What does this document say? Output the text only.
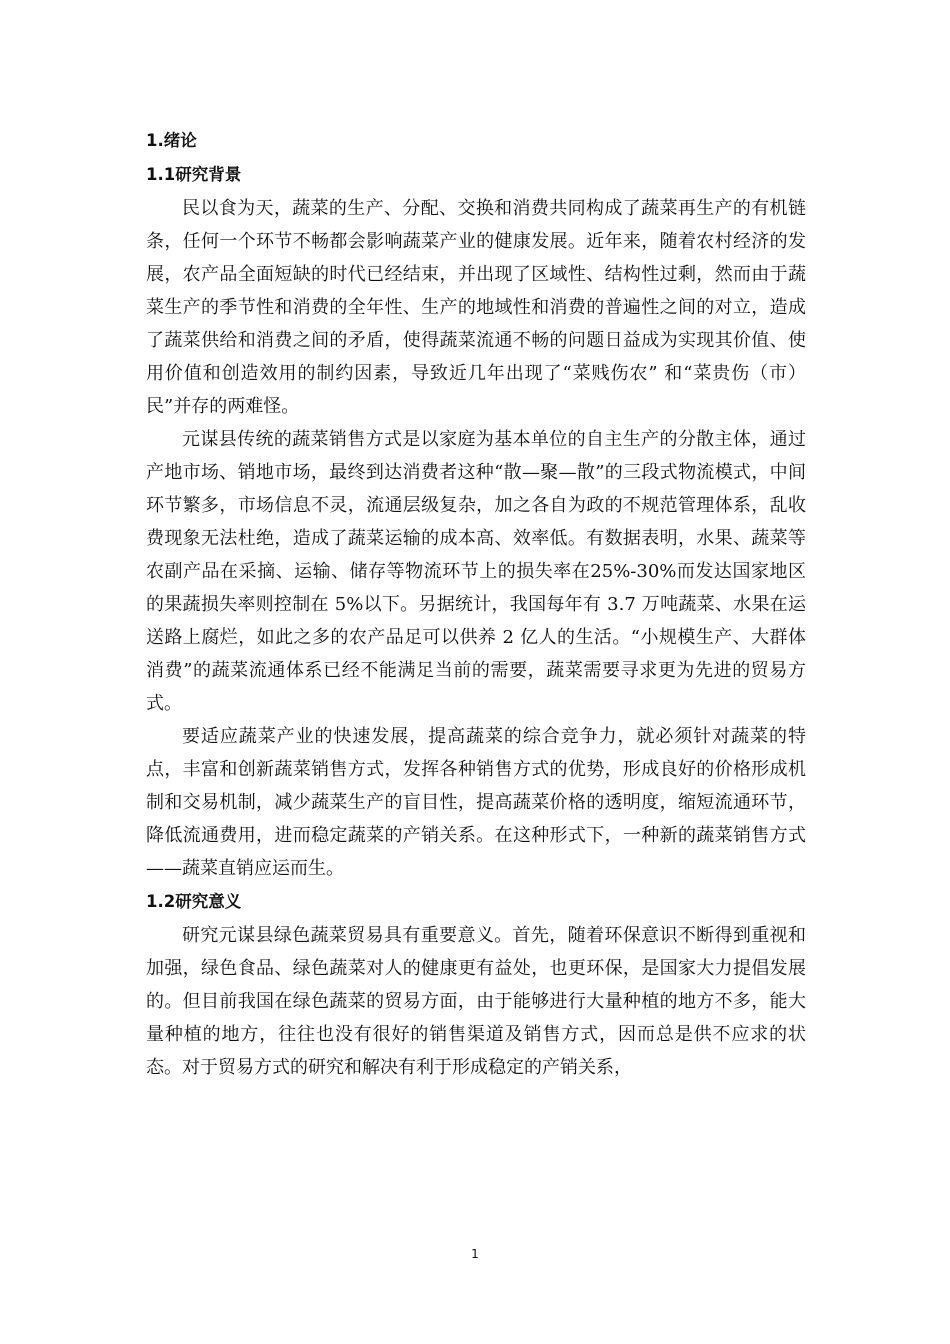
1.绪论
1.1研究背景

民以食为天，蔬菜的生产、分配、交换和消费共同构成了蔬菜再生产的有机链条，任何一个环节不畅都会影响蔬菜产业的健康发展。近年来，随着农村经济的发展，农产品全面短缺的时代已经结束，并出现了区域性、结构性过剩，然而由于蔬菜生产的季节性和消费的全年性、生产的地域性和消费的普遍性之间的对立，造成了蔬菜供给和消费之间的矛盾，使得蔬菜流通不畅的问题日益成为实现其价值、使用价值和创造效用的制约因素，导致近几年出现了“菜贱伤农” 和“菜贵伤（市）民”并存的两难怪。

元谋县传统的蔬菜销售方式是以家庭为基本单位的自主生产的分散主体，通过产地市场、销地市场，最终到达消费者这种“散—聚—散”的三段式物流模式，中间环节繁多，市场信息不灵，流通层级复杂，加之各自为政的不规范管理体系，乱收费现象无法杜绝，造成了蔬菜运输的成本高、效率低。有数据表明，水果、蔬菜等农副产品在采摘、运输、储存等物流环节上的损失率在25%-30%而发达国家地区的果蔬损失率则控制在 5%以下。另据统计，我国每年有 3.7 万吨蔬菜、水果在运送路上腐烂，如此之多的农产品足可以供养 2 亿人的生活。“小规模生产、大群体消费”的蔬菜流通体系已经不能满足当前的需要，蔬菜需要寻求更为先进的贸易方式。

要适应蔬菜产业的快速发展，提高蔬菜的综合竞争力，就必须针对蔬菜的特点，丰富和创新蔬菜销售方式，发挥各种销售方式的优势，形成良好的价格形成机制和交易机制，减少蔬菜生产的盲目性，提高蔬菜价格的透明度，缩短流通环节，降低流通费用，进而稳定蔬菜的产销关系。在这种形式下，一种新的蔬菜销售方式——蔬菜直销应运而生。

1.2研究意义

研究元谋县绿色蔬菜贸易具有重要意义。首先，随着环保意识不断得到重视和加强，绿色食品、绿色蔬菜对人的健康更有益处，也更环保，是国家大力提倡发展的。但目前我国在绿色蔬菜的贸易方面，由于能够进行大量种植的地方不多，能大量种植的地方，往往也没有很好的销售渠道及销售方式，因而总是供不应求的状态。对于贸易方式的研究和解决有利于形成稳定的产销关系，

1
